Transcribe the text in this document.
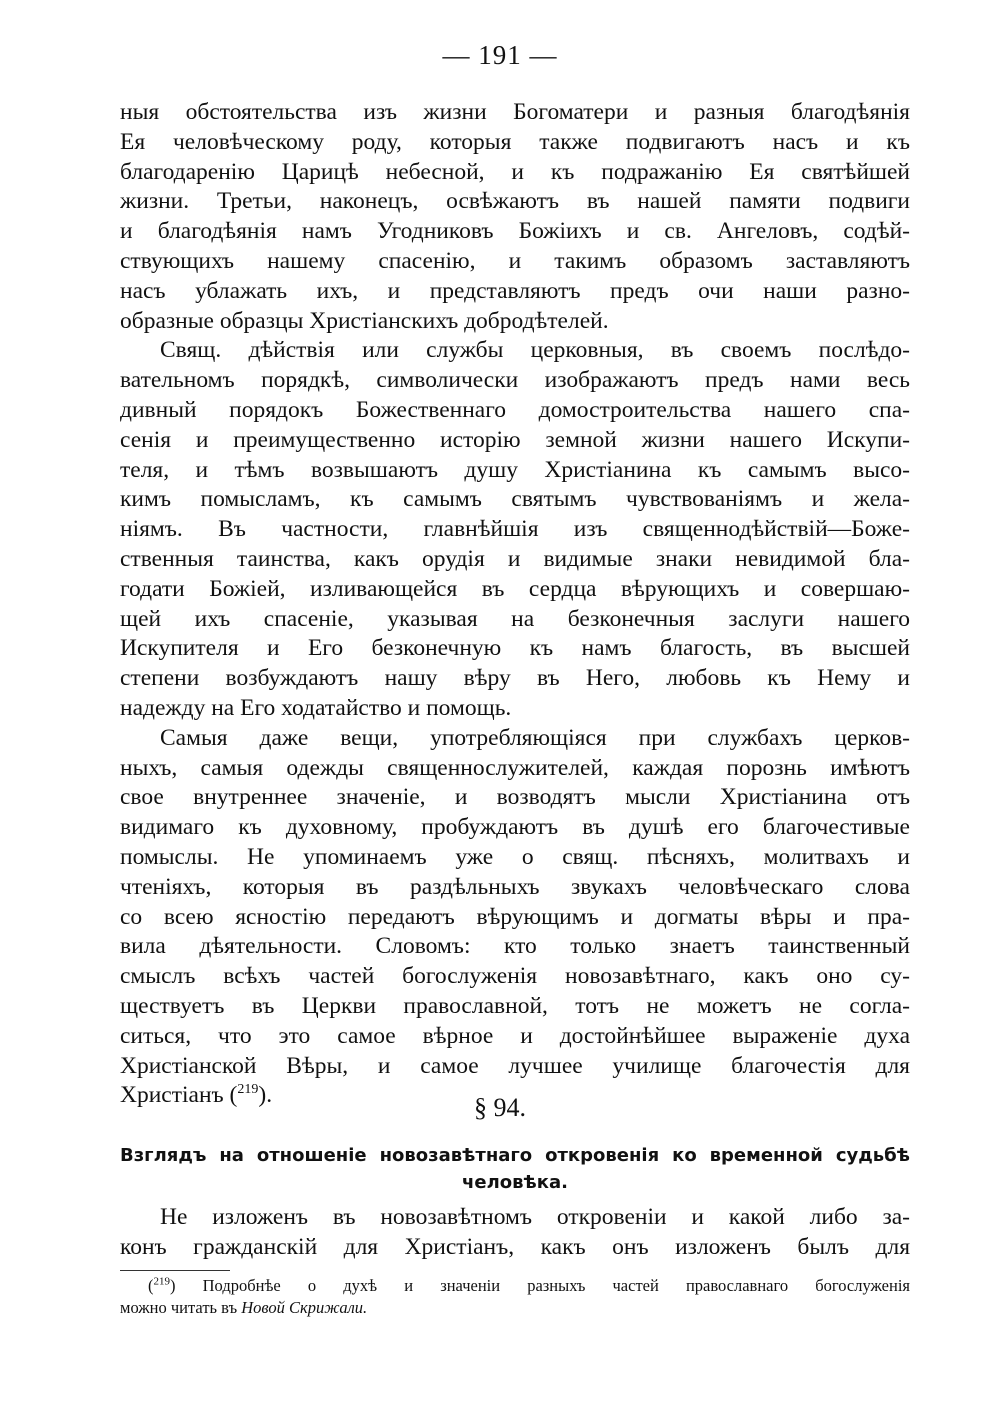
— 191 —
ныя обстоятельства изъ жизни Богоматери и разныя благодѣянія
Ея человѣческому роду, которыя также подвигаютъ насъ и къ
благодаренію Царицѣ небесной, и къ подражанію Ея святѣйшей
жизни. Третьи, наконецъ, освѣжаютъ въ нашей памяти подвиги
и благодѣянія намъ Угодниковъ Божіихъ и св. Ангеловъ, содѣй-
ствующихъ нашему спасенію, и такимъ образомъ заставляютъ
насъ ублажать ихъ, и представляютъ предъ очи наши разно-
образные образцы Христіанскихъ добродѣтелей.
Свящ. дѣйствія или службы церковныя, въ своемъ послѣдо-
вательномъ порядкѣ, символически изображаютъ предъ нами весь
дивный порядокъ Божественнаго домостроительства нашего спа-
сенія и преимущественно исторію земной жизни нашего Искупи-
теля, и тѣмъ возвышаютъ душу Христіанина къ самымъ высо-
кимъ помысламъ, къ самымъ святымъ чувствованіямъ и жела-
ніямъ. Въ частности, главнѣйшія изъ священнодѣйствій—Боже-
ственныя таинства, какъ орудія и видимые знаки невидимой бла-
годати Божіей, изливающейся въ сердца вѣрующихъ и совершаю-
щей ихъ спасеніе, указывая на безконечныя заслуги нашего
Искупителя и Его безконечную къ намъ благость, въ высшей
степени возбуждаютъ нашу вѣру въ Него, любовь къ Нему и
надежду на Его ходатайство и помощь.
Самыя даже вещи, употребляющіяся при службахъ церков-
ныхъ, самыя одежды священнослужителей, каждая порознь имѣютъ
свое внутреннее значеніе, и возводятъ мысли Христіанина отъ
видимаго къ духовному, пробуждаютъ въ душѣ его благочестивые
помыслы. Не упоминаемъ уже о свящ. пѣсняхъ, молитвахъ и
чтеніяхъ, которыя въ раздѣльныхъ звукахъ человѣческаго слова
со всею ясностію передаютъ вѣрующимъ и догматы вѣры и пра-
вила дѣятельности. Словомъ: кто только знаетъ таинственный
смыслъ всѣхъ частей богослуженія новозавѣтнаго, какъ оно су-
ществуетъ въ Церкви православной, тотъ не можетъ не согла-
ситься, что это самое вѣрное и достойнѣйшее выраженіе духа
Христіанской Вѣры, и самое лучшее училище благочестія для
Христіанъ ($^{219}$).	§ 94.
Взглядъ на отношеніе новозавѣтнаго откровенія ко временной судьбѣ
человѣка.
Не изложенъ въ новозавѣтномъ откровеніи и какой либо за-
конъ гражданскій для Христіанъ, какъ онъ изложенъ былъ для
($^{219}$) Подробнѣе о духѣ и значеніи разныхъ частей православнаго богослуженія
можно читать въ Новой Скрижали.
